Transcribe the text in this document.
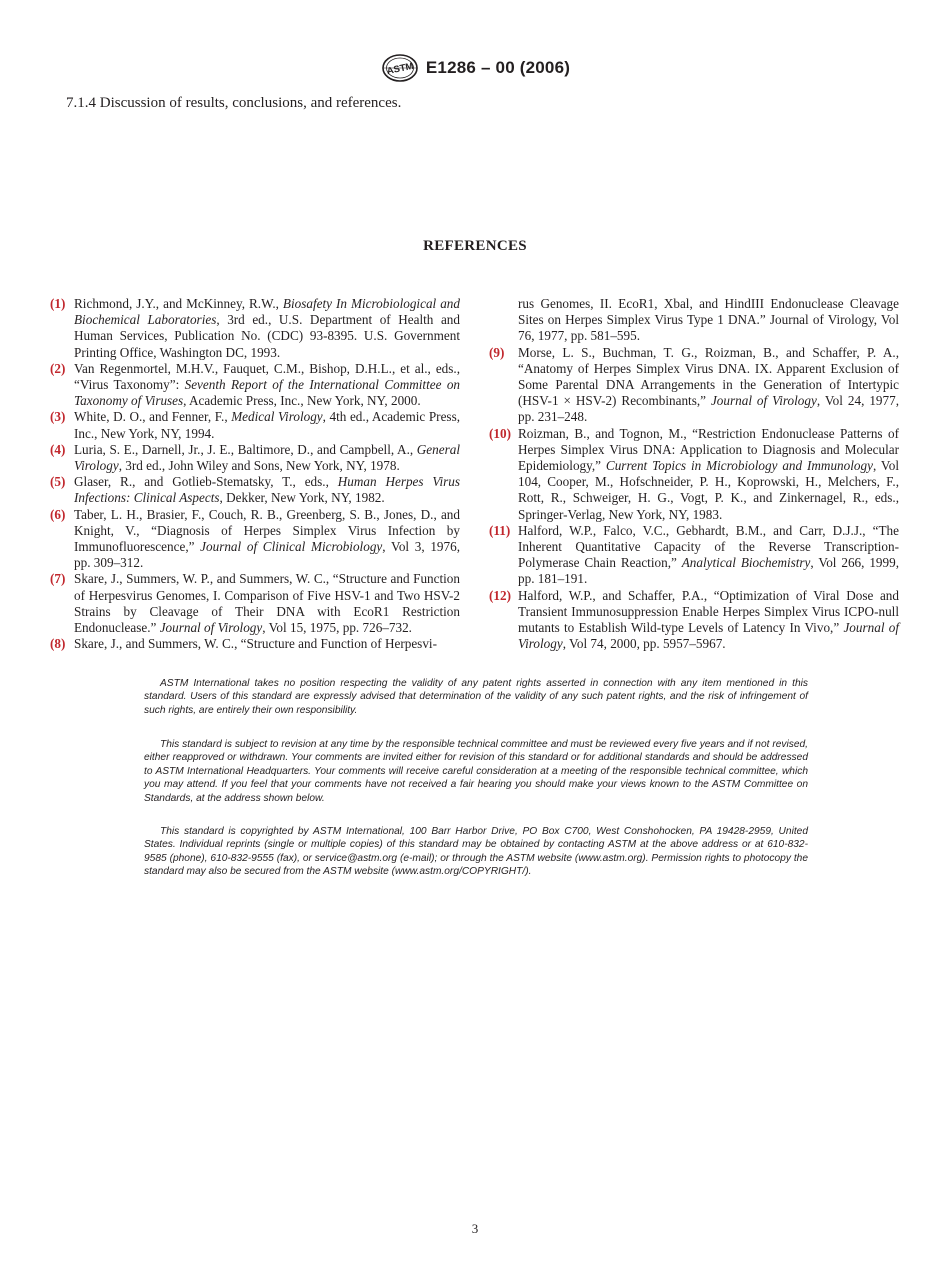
ASTM E1286 – 00 (2006)
7.1.4 Discussion of results, conclusions, and references.
REFERENCES
(1) Richmond, J.Y., and McKinney, R.W., Biosafety In Microbiological and Biochemical Laboratories, 3rd ed., U.S. Department of Health and Human Services, Publication No. (CDC) 93-8395. U.S. Government Printing Office, Washington DC, 1993.
(2) Van Regenmortel, M.H.V., Fauquet, C.M., Bishop, D.H.L., et al., eds., “Virus Taxonomy”: Seventh Report of the International Committee on Taxonomy of Viruses, Academic Press, Inc., New York, NY, 2000.
(3) White, D. O., and Fenner, F., Medical Virology, 4th ed., Academic Press, Inc., New York, NY, 1994.
(4) Luria, S. E., Darnell, Jr., J. E., Baltimore, D., and Campbell, A., General Virology, 3rd ed., John Wiley and Sons, New York, NY, 1978.
(5) Glaser, R., and Gotlieb-Stematsky, T., eds., Human Herpes Virus Infections: Clinical Aspects, Dekker, New York, NY, 1982.
(6) Taber, L. H., Brasier, F., Couch, R. B., Greenberg, S. B., Jones, D., and Knight, V., “Diagnosis of Herpes Simplex Virus Infection by Immunofluorescence,” Journal of Clinical Microbiology, Vol 3, 1976, pp. 309–312.
(7) Skare, J., Summers, W. P., and Summers, W. C., “Structure and Function of Herpesvirus Genomes, I. Comparison of Five HSV-1 and Two HSV-2 Strains by Cleavage of Their DNA with EcoR1 Restriction Endonuclease.” Journal of Virology, Vol 15, 1975, pp. 726–732.
(8) Skare, J., and Summers, W. C., “Structure and Function of Herpesvi-
rus Genomes, II. EcoR1, Xbal, and HindIII Endonuclease Cleavage Sites on Herpes Simplex Virus Type 1 DNA.” Journal of Virology, Vol 76, 1977, pp. 581–595.
(9)	Morse, L. S., Buchman, T. G., Roizman, B., and Schaffer, P. A., “Anatomy of Herpes Simplex Virus DNA. IX. Apparent Exclusion of Some Parental DNA Arrangements in the Generation of Intertypic (HSV-1 × HSV-2) Recombinants,” Journal of Virology, Vol 24, 1977, pp. 231–248.
(10) Roizman, B., and Tognon, M., “Restriction Endonuclease Patterns of Herpes Simplex Virus DNA: Application to Diagnosis and Molecular Epidemiology,” Current Topics in Microbiology and Immunology, Vol 104, Cooper, M., Hofschneider, P. H., Koprowski, H., Melchers, F., Rott, R., Schweiger, H. G., Vogt, P. K., and Zinkernagel, R., eds., Springer-Verlag, New York, NY, 1983.
(11) Halford, W.P., Falco, V.C., Gebhardt, B.M., and Carr, D.J.J., “The Inherent Quantitative Capacity of the Reverse Transcription-Polymerase Chain Reaction,” Analytical Biochemistry, Vol 266, 1999, pp. 181–191.
(12) Halford, W.P., and Schaffer, P.A., “Optimization of Viral Dose and Transient Immunosuppression Enable Herpes Simplex Virus ICPO-null mutants to Establish Wild-type Levels of Latency In Vivo,” Journal of Virology, Vol 74, 2000, pp. 5957–5967.
ASTM International takes no position respecting the validity of any patent rights asserted in connection with any item mentioned in this standard. Users of this standard are expressly advised that determination of the validity of any such patent rights, and the risk of infringement of such rights, are entirely their own responsibility.
This standard is subject to revision at any time by the responsible technical committee and must be reviewed every five years and if not revised, either reapproved or withdrawn. Your comments are invited either for revision of this standard or for additional standards and should be addressed to ASTM International Headquarters. Your comments will receive careful consideration at a meeting of the responsible technical committee, which you may attend. If you feel that your comments have not received a fair hearing you should make your views known to the ASTM Committee on Standards, at the address shown below.
This standard is copyrighted by ASTM International, 100 Barr Harbor Drive, PO Box C700, West Conshohocken, PA 19428-2959, United States. Individual reprints (single or multiple copies) of this standard may be obtained by contacting ASTM at the above address or at 610-832-9585 (phone), 610-832-9555 (fax), or service@astm.org (e-mail); or through the ASTM website (www.astm.org). Permission rights to photocopy the standard may also be secured from the ASTM website (www.astm.org/COPYRIGHT/).
3
